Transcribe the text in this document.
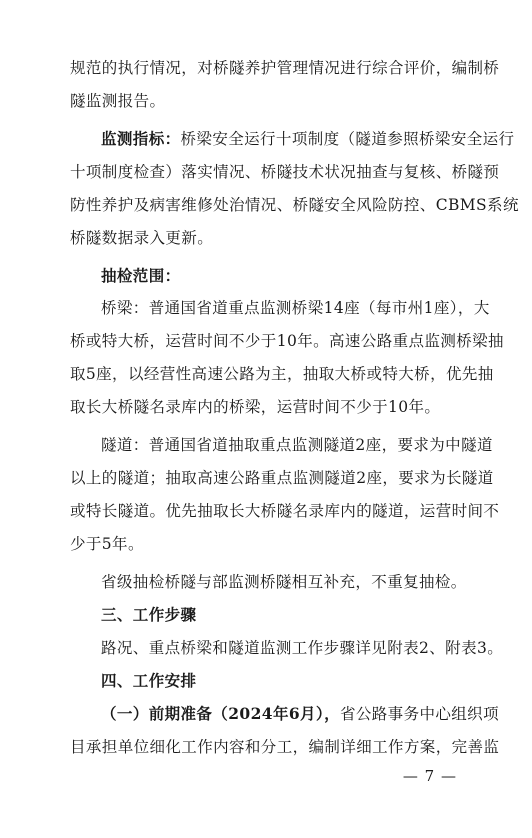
规范的执行情况，对桥隧养护管理情况进行综合评价，编制桥
隧监测报告。
监测指标：桥梁安全运行十项制度（隧道参照桥梁安全运行
十项制度检查）落实情况、桥隧技术状况抽查与复核、桥隧预
防性养护及病害维修处治情况、桥隧安全风险防控、CBMS系统
桥隧数据录入更新。
抽检范围：
桥梁：普通国省道重点监测桥梁14座（每市州1座），大
桥或特大桥，运营时间不少于10年。高速公路重点监测桥梁抽
取5座，以经营性高速公路为主，抽取大桥或特大桥，优先抽
取长大桥隧名录库内的桥梁，运营时间不少于10年。
隧道：普通国省道抽取重点监测隧道2座，要求为中隧道
以上的隧道；抽取高速公路重点监测隧道2座，要求为长隧道
或特长隧道。优先抽取长大桥隧名录库内的隧道，运营时间不
少于5年。
省级抽检桥隧与部监测桥隧相互补充，不重复抽检。
三、工作步骤
路况、重点桥梁和隧道监测工作步骤详见附表2、附表3。
四、工作安排
（一）前期准备（2024年6月），省公路事务中心组织项
目承担单位细化工作内容和分工，编制详细工作方案，完善监
— 7 —
